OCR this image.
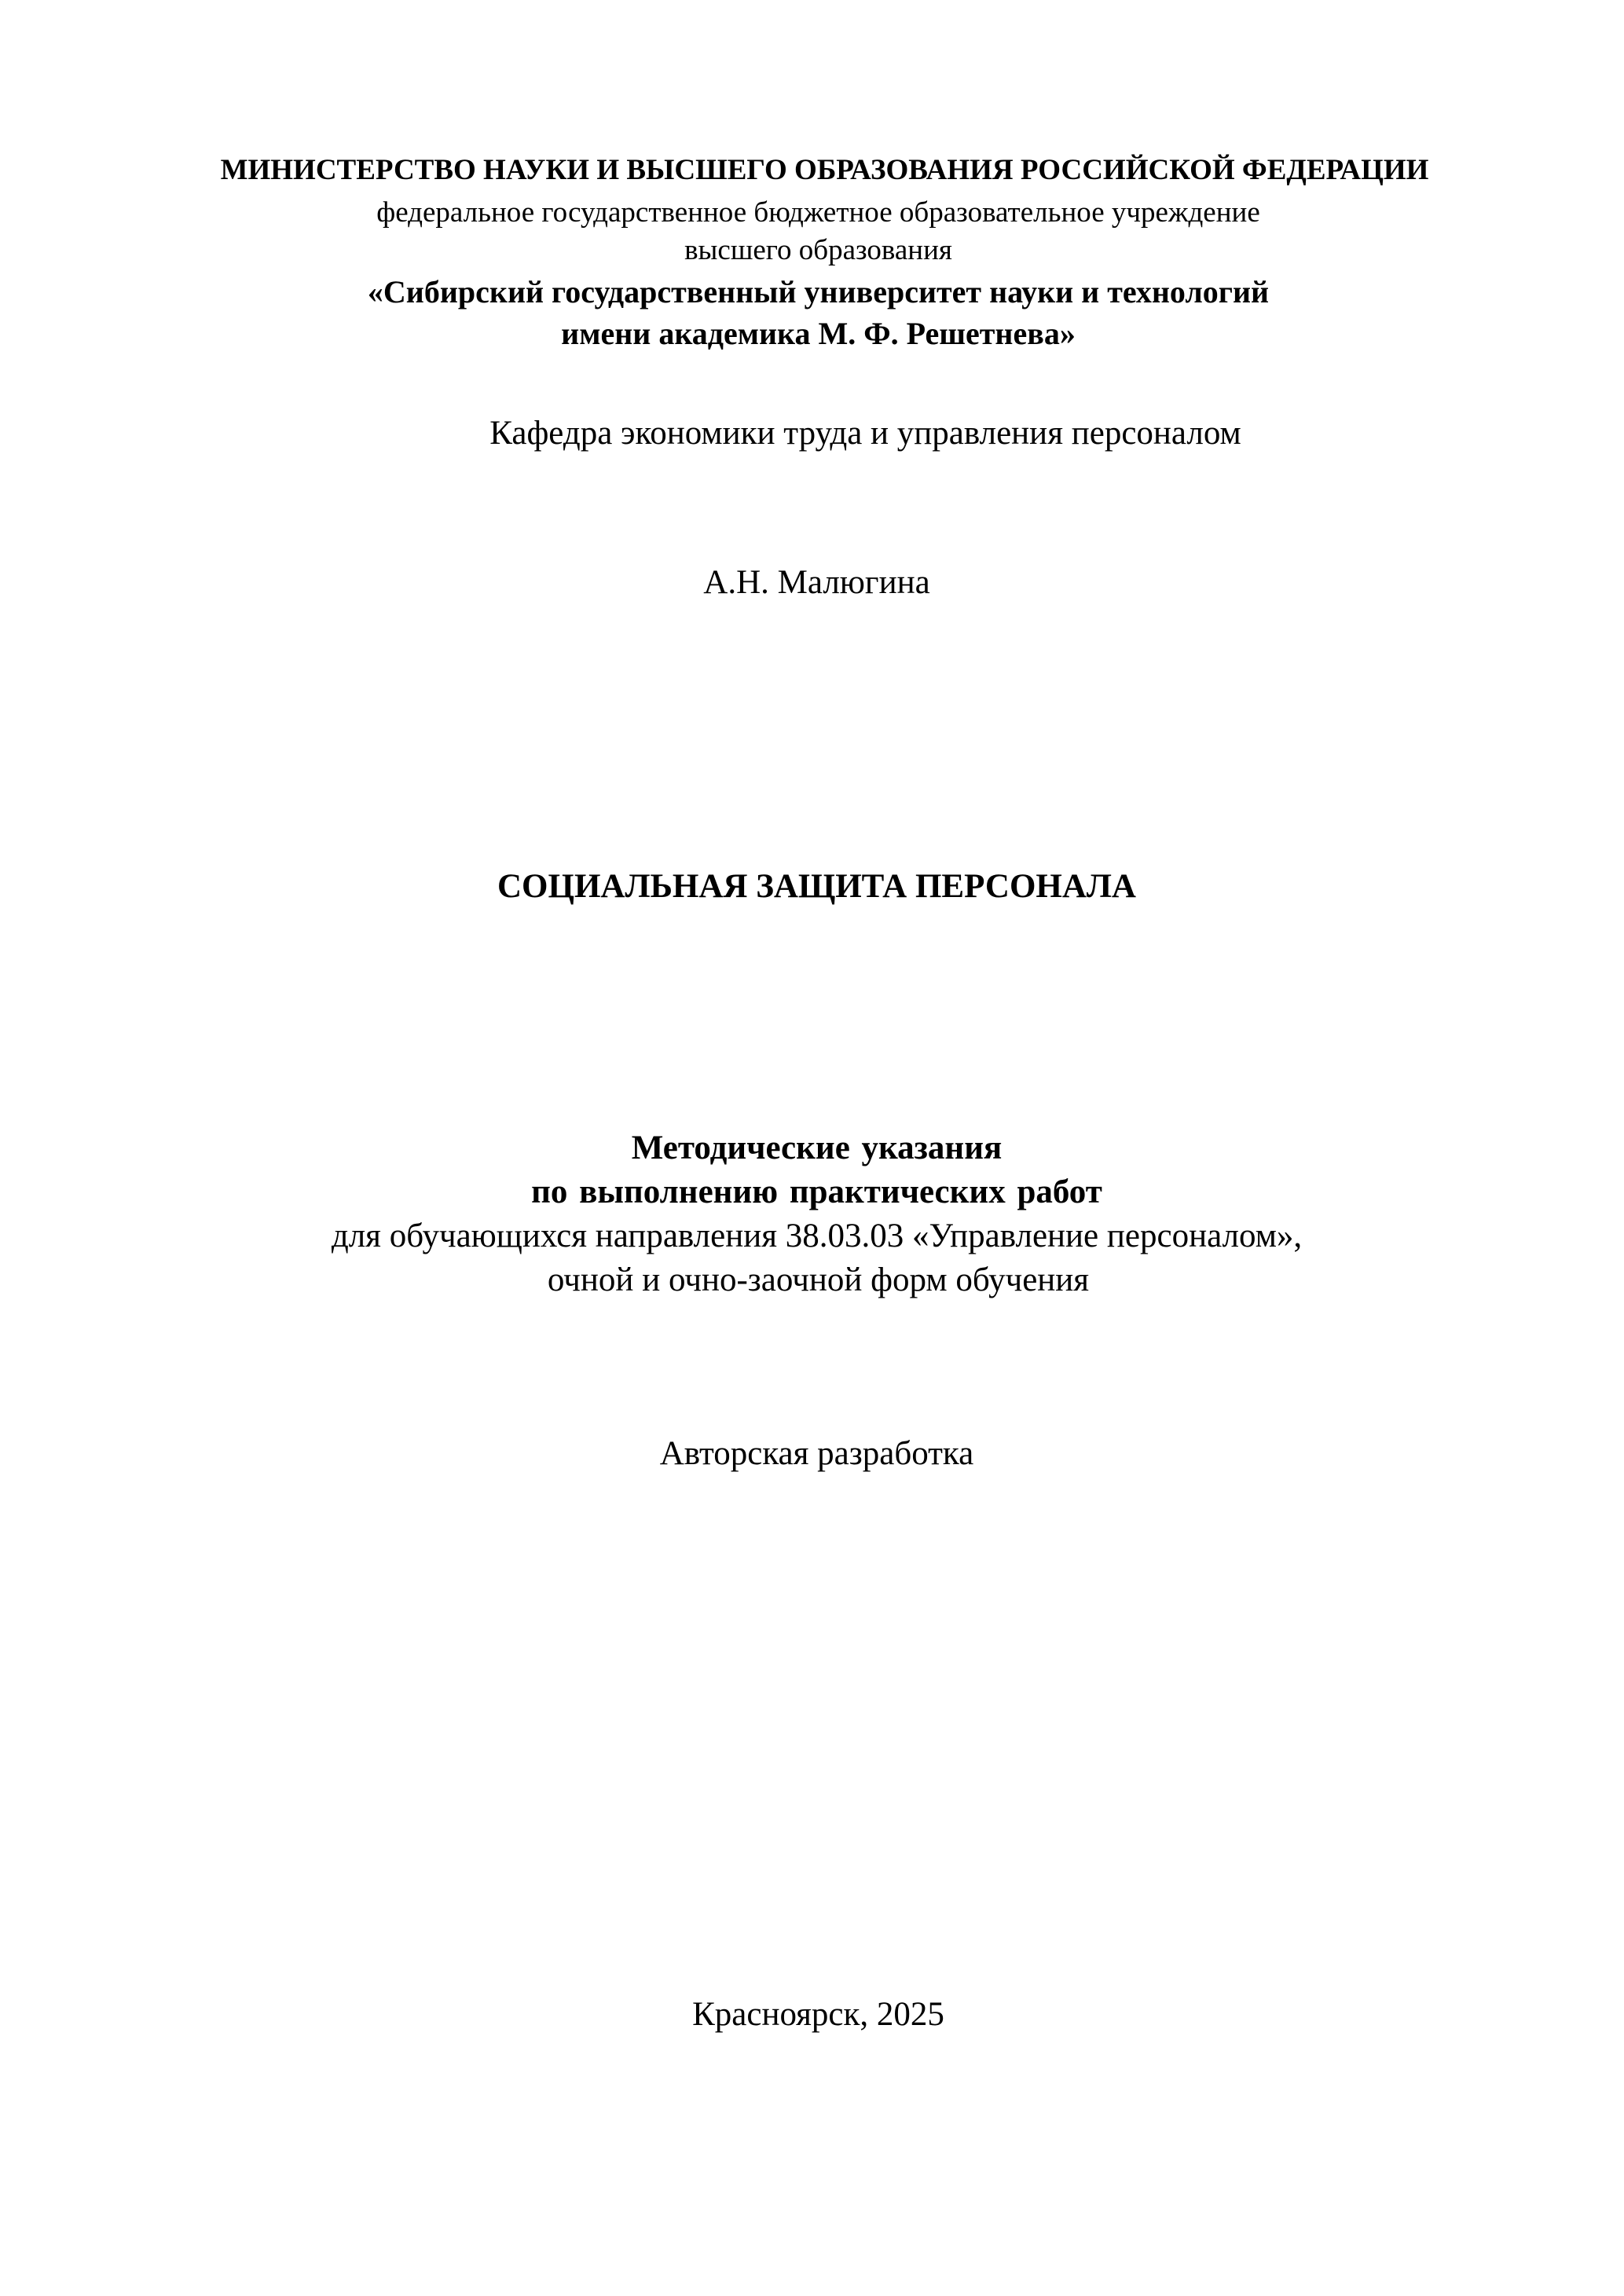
МИНИСТЕРСТВО НАУКИ И ВЫСШЕГО ОБРАЗОВАНИЯ РОССИЙСКОЙ ФЕДЕРАЦИИ
федеральное государственное бюджетное образовательное учреждение
высшего образования
«Сибирский государственный университет науки и технологий
имени академика М. Ф. Решетнева»
Кафедра экономики труда и управления персоналом
А.Н. Малюгина
СОЦИАЛЬНАЯ ЗАЩИТА ПЕРСОНАЛА
Методические указания
по выполнению практических работ
для обучающихся направления 38.03.03 «Управление персоналом»,
очной и очно-заочной форм обучения
Авторская разработка
Красноярск, 2025
